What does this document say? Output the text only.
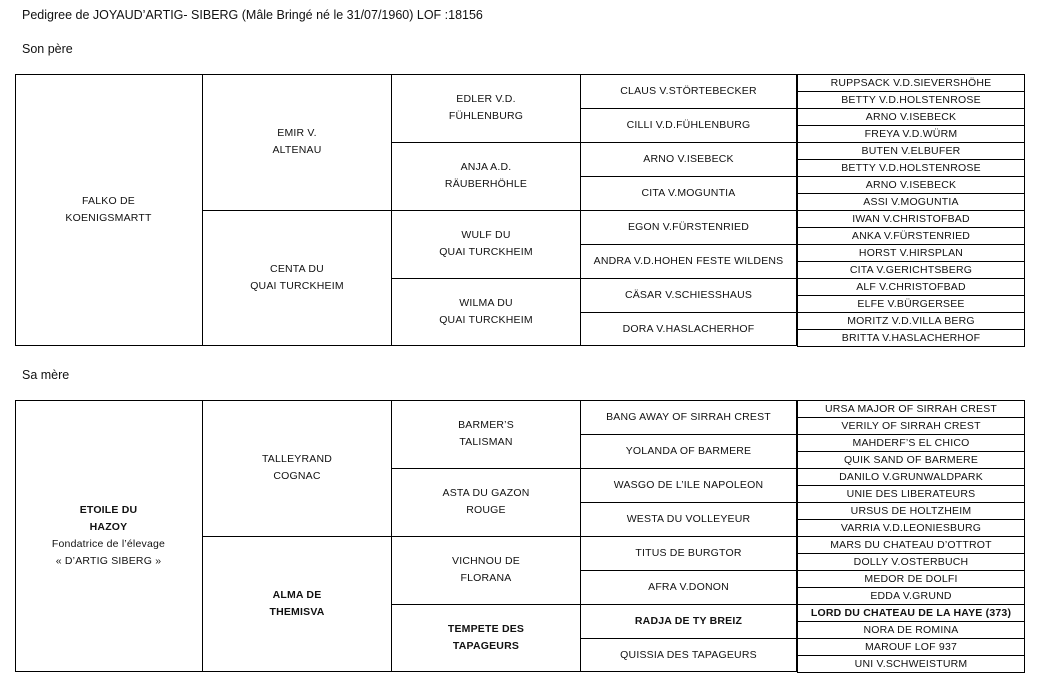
Pedigree de JOYAUD’ARTIG- SIBERG (Mâle Bringé né le 31/07/1960) LOF :18156
Son père
Sa mère
FALKO DE
KOENIGSMARTT
EMIR V.
ALTENAU
CENTA DU
QUAI TURCKHEIM
EDLER V.D.
FÜHLENBURG
ANJA A.D.
RÄUBERHÖHLE
WULF DU
QUAI TURCKHEIM
WILMA DU
QUAI TURCKHEIM
CLAUS V.STÖRTEBECKER
CILLI V.D.FÜHLENBURG
ARNO V.ISEBECK
CITA V.MOGUNTIA
EGON V.FÜRSTENRIED
ANDRA V.D.HOHEN FESTE WILDENS
CÄSAR V.SCHIESSHAUS
DORA V.HASLACHERHOF
RUPPSACK V.D.SIEVERSHÖHE
BETTY V.D.HOLSTENROSE
ARNO V.ISEBECK
FREYA V.D.WÜRM
BUTEN V.ELBUFER
BETTY V.D.HOLSTENROSE
ARNO V.ISEBECK
ASSI V.MOGUNTIA
IWAN V.CHRISTOFBAD
ANKA V.FÜRSTENRIED
HORST V.HIRSPLAN
CITA V.GERICHTSBERG
ALF V.CHRISTOFBAD
ELFE V.BÜRGERSEE
MORITZ V.D.VILLA BERG
BRITTA V.HASLACHERHOF
ETOILE DU
HAZOY
Fondatrice de l’élevage
« D’ARTIG SIBERG »
TALLEYRAND
COGNAC
ALMA DE
THEMISVA
BARMER’S
TALISMAN
ASTA DU GAZON
ROUGE
VICHNOU DE
FLORANA
TEMPETE DES
TAPAGEURS
BANG AWAY OF SIRRAH CREST
YOLANDA OF BARMERE
WASGO DE L’ILE NAPOLEON
WESTA DU VOLLEYEUR
TITUS DE BURGTOR
AFRA V.DONON
RADJA DE TY BREIZ
QUISSIA DES TAPAGEURS
URSA MAJOR OF SIRRAH CREST
VERILY OF SIRRAH CREST
MAHDERF’S EL CHICO
QUIK SAND OF BARMERE
DANILO V.GRUNWALDPARK
UNIE DES LIBERATEURS
URSUS DE HOLTZHEIM
VARRIA V.D.LEONIESBURG
MARS DU CHATEAU D’OTTROT
DOLLY V.OSTERBUCH
MEDOR DE DOLFI
EDDA V.GRUND
LORD DU CHATEAU DE LA HAYE (373)
NORA DE ROMINA
MAROUF LOF 937
UNI V.SCHWEISTURM
